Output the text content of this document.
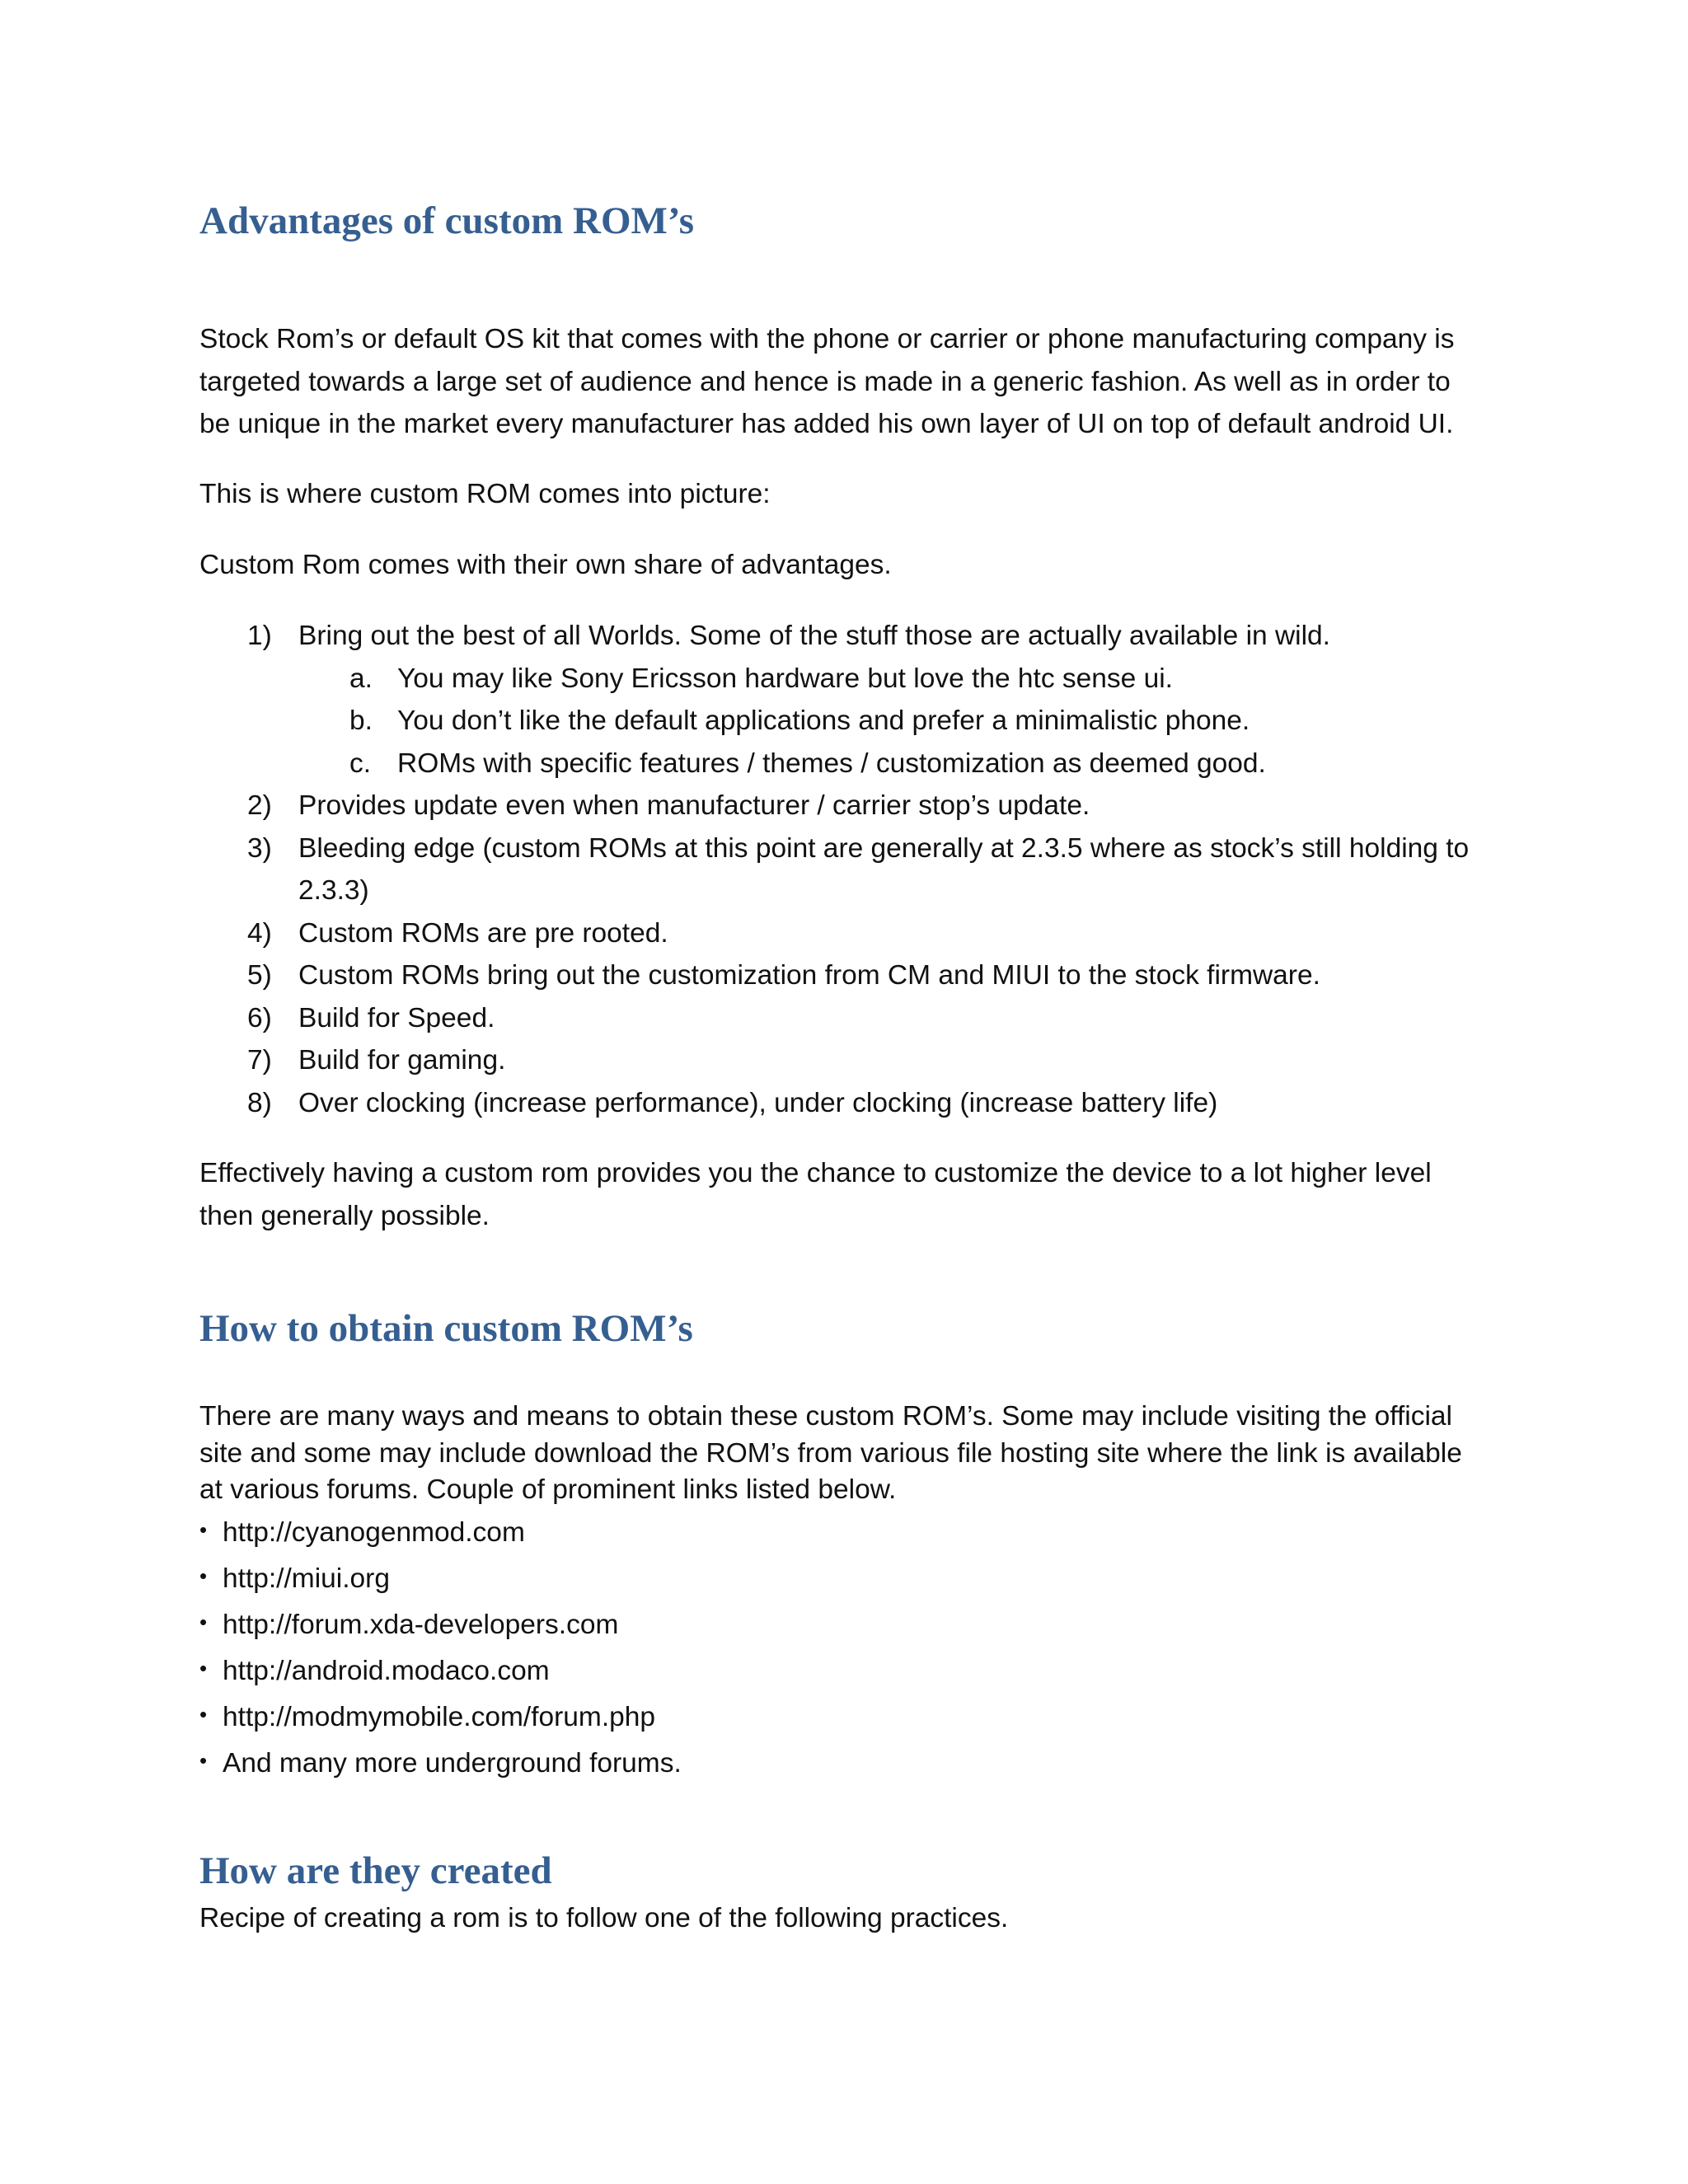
Advantages of custom ROM’s

Stock Rom’s or default OS kit that comes with the phone or carrier or phone manufacturing company is
targeted towards a large set of audience and hence is made in a generic fashion. As well as in order to
be unique in the market every manufacturer has added his own layer of UI on top of default android UI.

This is where custom ROM comes into picture:

Custom Rom comes with their own share of advantages.

1) Bring out the best of all Worlds. Some of the stuff those are actually available in wild.
a. You may like Sony Ericsson hardware but love the htc sense ui.
b. You don’t like the default applications and prefer a minimalistic phone.
c. ROMs with specific features / themes / customization as deemed good.
2) Provides update even when manufacturer / carrier stop’s update.
3) Bleeding edge (custom ROMs at this point are generally at 2.3.5 where as stock’s still holding to
2.3.3)
4) Custom ROMs are pre rooted.
5) Custom ROMs bring out the customization from CM and MIUI to the stock firmware.
6) Build for Speed.
7) Build for gaming.
8) Over clocking (increase performance), under clocking (increase battery life)

Effectively having a custom rom provides you the chance to customize the device to a lot higher level
then generally possible.

How to obtain custom ROM’s

There are many ways and means to obtain these custom ROM’s. Some may include visiting the official
site and some may include download the ROM’s from various file hosting site where the link is available
at various forums. Couple of prominent links listed below.

• http://cyanogenmod.com
• http://miui.org
• http://forum.xda-developers.com
• http://android.modaco.com
• http://modmymobile.com/forum.php
• And many more underground forums.
How are they created

Recipe of creating a rom is to follow one of the following practices.
